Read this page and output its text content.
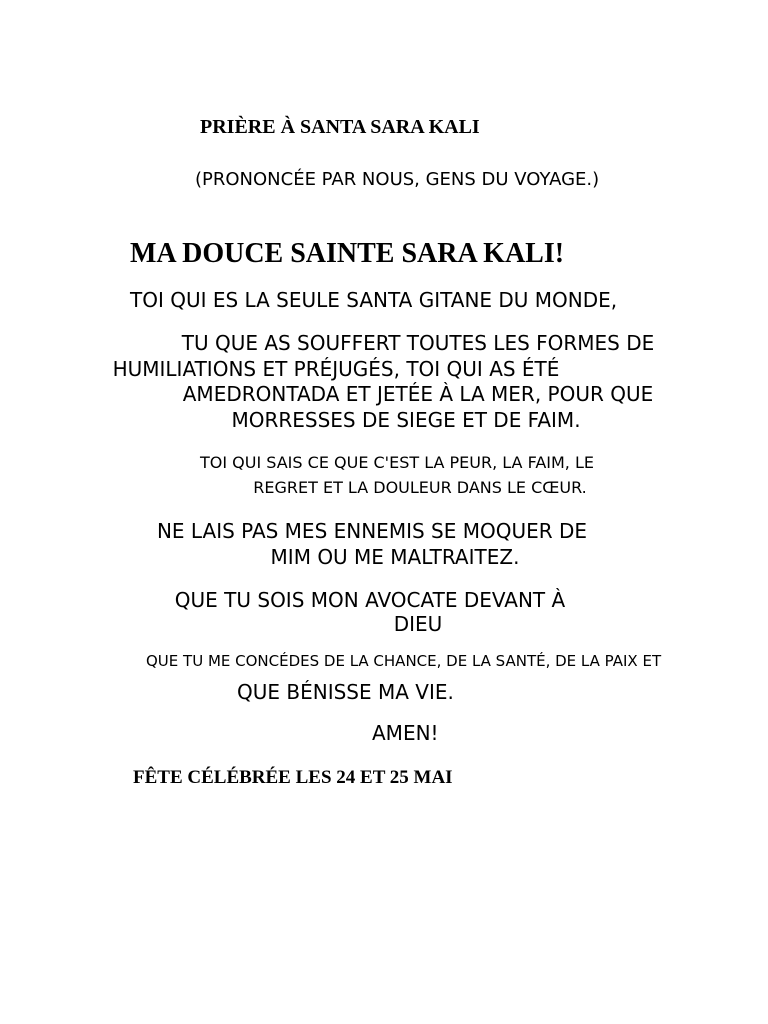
PRIÈRE À SANTA SARA KALI
(PRONONCÉE PAR NOUS, GENS DU VOYAGE.)
MA DOUCE SAINTE SARA KALI!
TOI QUI ES LA SEULE SANTA GITANE DU MONDE,
TU QUE AS SOUFFERT TOUTES LES FORMES DE
HUMILIATIONS ET PRÉJUGÉS, TOI QUI AS ÉTÉ
AMEDRONTADA ET JETÉE À LA MER, POUR QUE
MORRESSES DE SIEGE ET DE FAIM.
TOI QUI SAIS CE QUE C'EST LA PEUR, LA FAIM, LE
REGRET ET LA DOULEUR DANS LE CŒUR.
NE LAIS PAS MES ENNEMIS SE MOQUER DE
MIM OU ME MALTRAITEZ.
QUE TU SOIS MON AVOCATE DEVANT À
DIEU
QUE TU ME CONCÉDES DE LA CHANCE, DE LA SANTÉ, DE LA PAIX ET
QUE BÉNISSE MA VIE.
AMEN!
FÊTE CÉLÉBRÉE LES 24 ET 25 MAI
